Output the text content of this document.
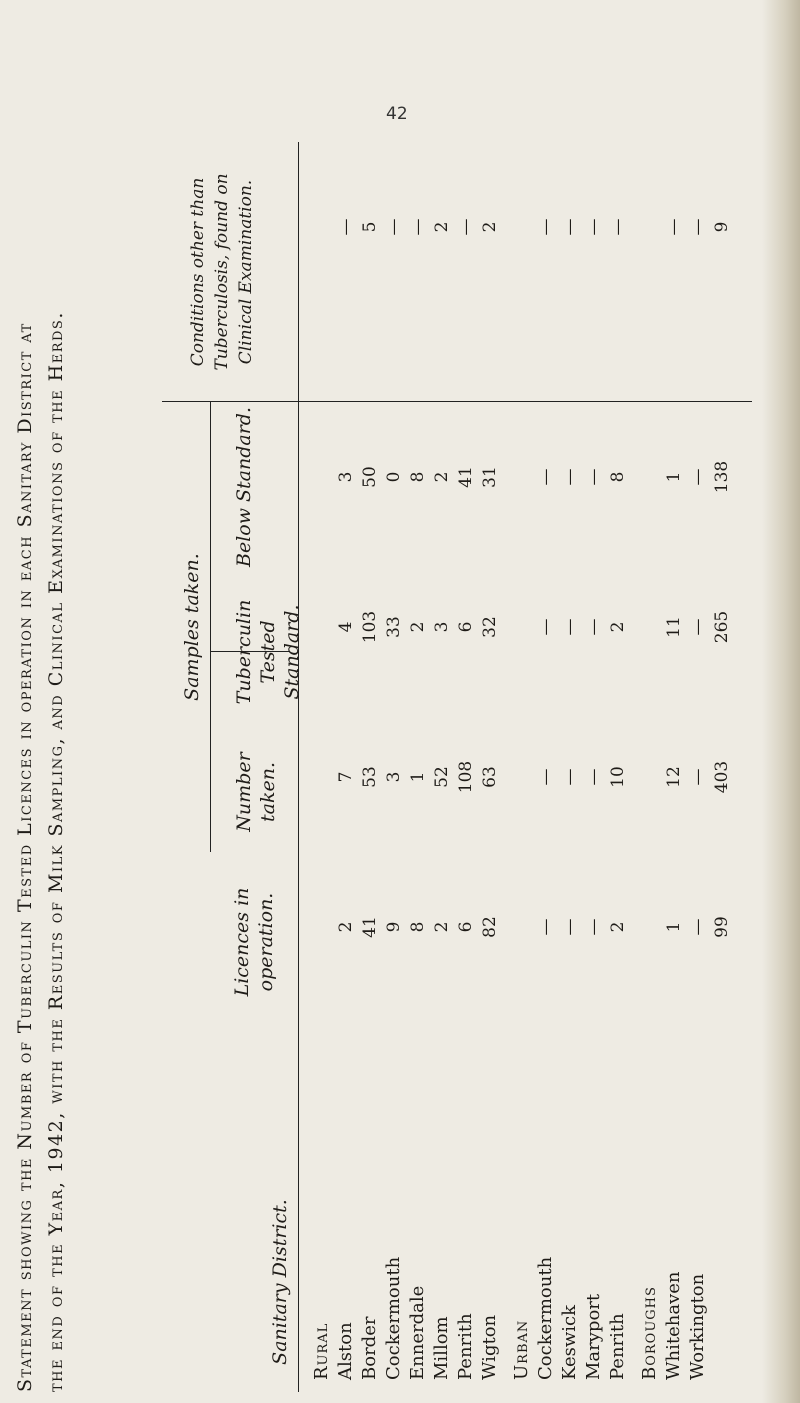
42
Statement showing the Number of Tuberculin Tested Licences in operation in each Sanitary District at the end of the Year, 1942, with the Results of Milk Sampling, and Clinical Examinations of the Herds.	Samples taken.
Sanitary District.
Licences in operation.
Number taken.
Tuberculin Tested Standard.
Below Standard.
Conditions other than Tuberculosis, found on Clinical Examination.
Rural Alston
2
7
4
3
—
Border
41
53
103
50
5
Cockermouth
9
3
33
0
—
Ennerdale
8
1
2
8
—
Millom
2
52
3
2
2
Penrith
6
108
6
41
—
Wigton
82
63
32
31
2
Urban Cockermouth
—
—
—
—
—
Keswick
—
—
—
—
—
Maryport
—
—
—
—
—
Penrith
2
10
2
8
—
Boroughs Whitehaven
1
12
11
1
—
Workington
—
—
—
—
—
99
403
265
138
9
